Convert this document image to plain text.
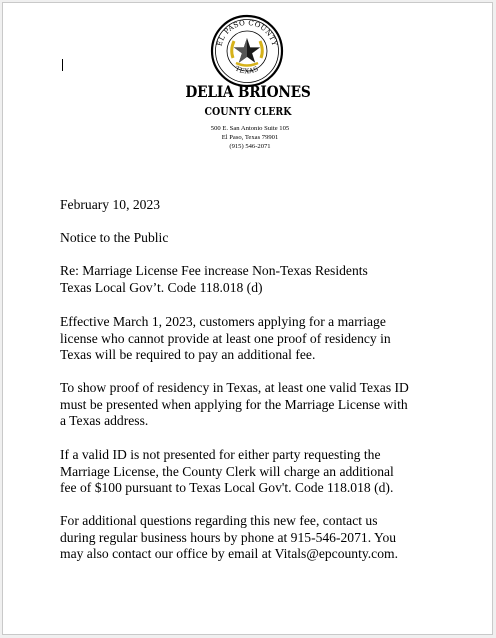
EL PASO COUNTY
TEXAS
DELIA BRIONES
COUNTY CLERK
500 E. San Antonio Suite 105
El Paso, Texas 79901
(915) 546-2071
February 10, 2023
Notice to the Public
Re: Marriage License Fee increase Non-Texas Residents
Texas Local Gov’t. Code 118.018 (d)
Effective March 1, 2023, customers applying for a marriage
license who cannot provide at least one proof of residency in
Texas will be required to pay an additional fee.
To show proof of residency in Texas, at least one valid Texas ID
must be presented when applying for the Marriage License with
a Texas address.
If a valid ID is not presented for either party requesting the
Marriage License, the County Clerk will charge an additional
fee of $100 pursuant to Texas Local Gov't. Code 118.018 (d).
For additional questions regarding this new fee, contact us
during regular business hours by phone at 915-546-2071. You
may also contact our office by email at Vitals@epcounty.com.
